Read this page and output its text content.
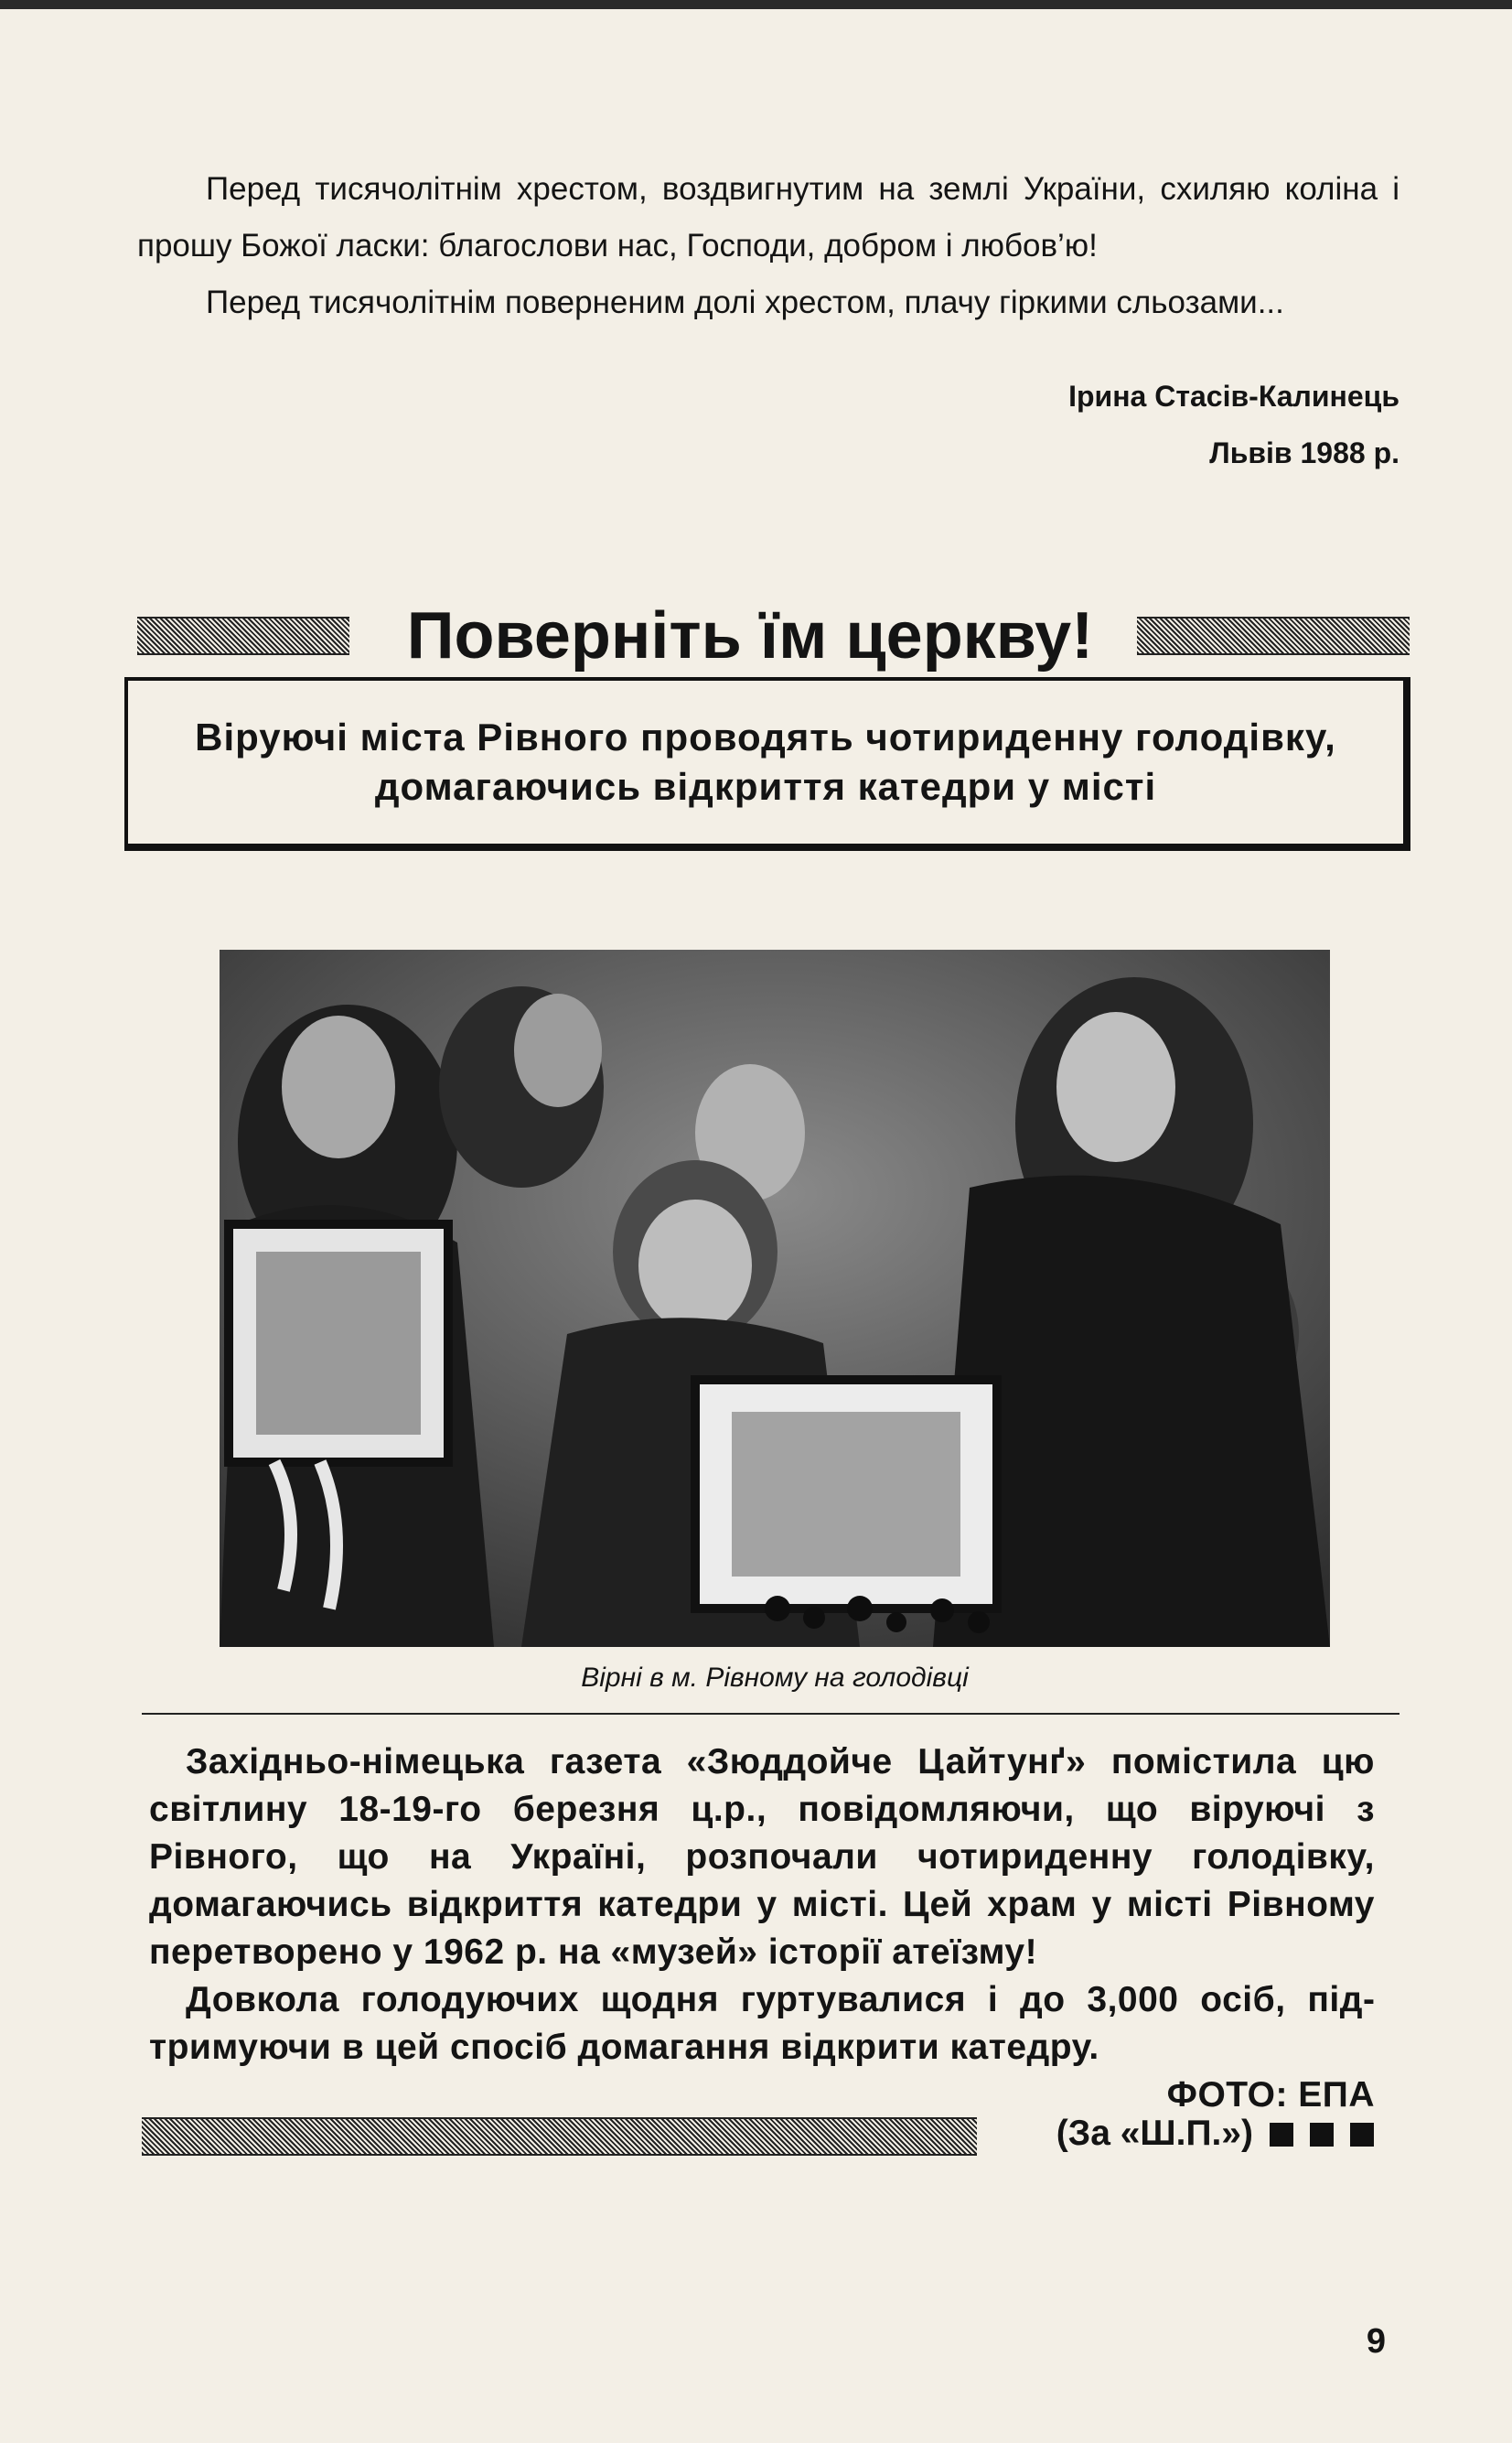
Перед тисячолітнім хрестом, воздвигнутим на землі України, схиляю коліна і прошу Божої ласки: благослови нас, Господи, добром і любов’ю!

Перед тисячолітнім поверненим долі хрестом, плачу гіркими сльозами...

Ірина Стасів-Калинець
Львів 1988 р.
Поверніть їм церкву!
Віруючі міста Рівного проводять чотириденну голодівку, домагаючись відкриття катедри у місті
Вірні в м. Рівному на голодівці

Західньо-німецька газета «Зюддойче Цайтунґ» помістила цю світлину 18-19-го березня ц.р., повідомляючи, що віруючі з Рівного, що на Україні, розпочали чотириденну голодівку, домагаючись відкриття катедри у місті. Цей храм у місті Рівному перетворено у 1962 р. на «музей» історії атеїзму!

Довкола голодуючих щодня гуртувалися і до 3,000 осіб, підтримуючи в цей спосіб домагання відкрити катедру.

ФОТО: ЕПА

(За «Ш.П.»)
9
